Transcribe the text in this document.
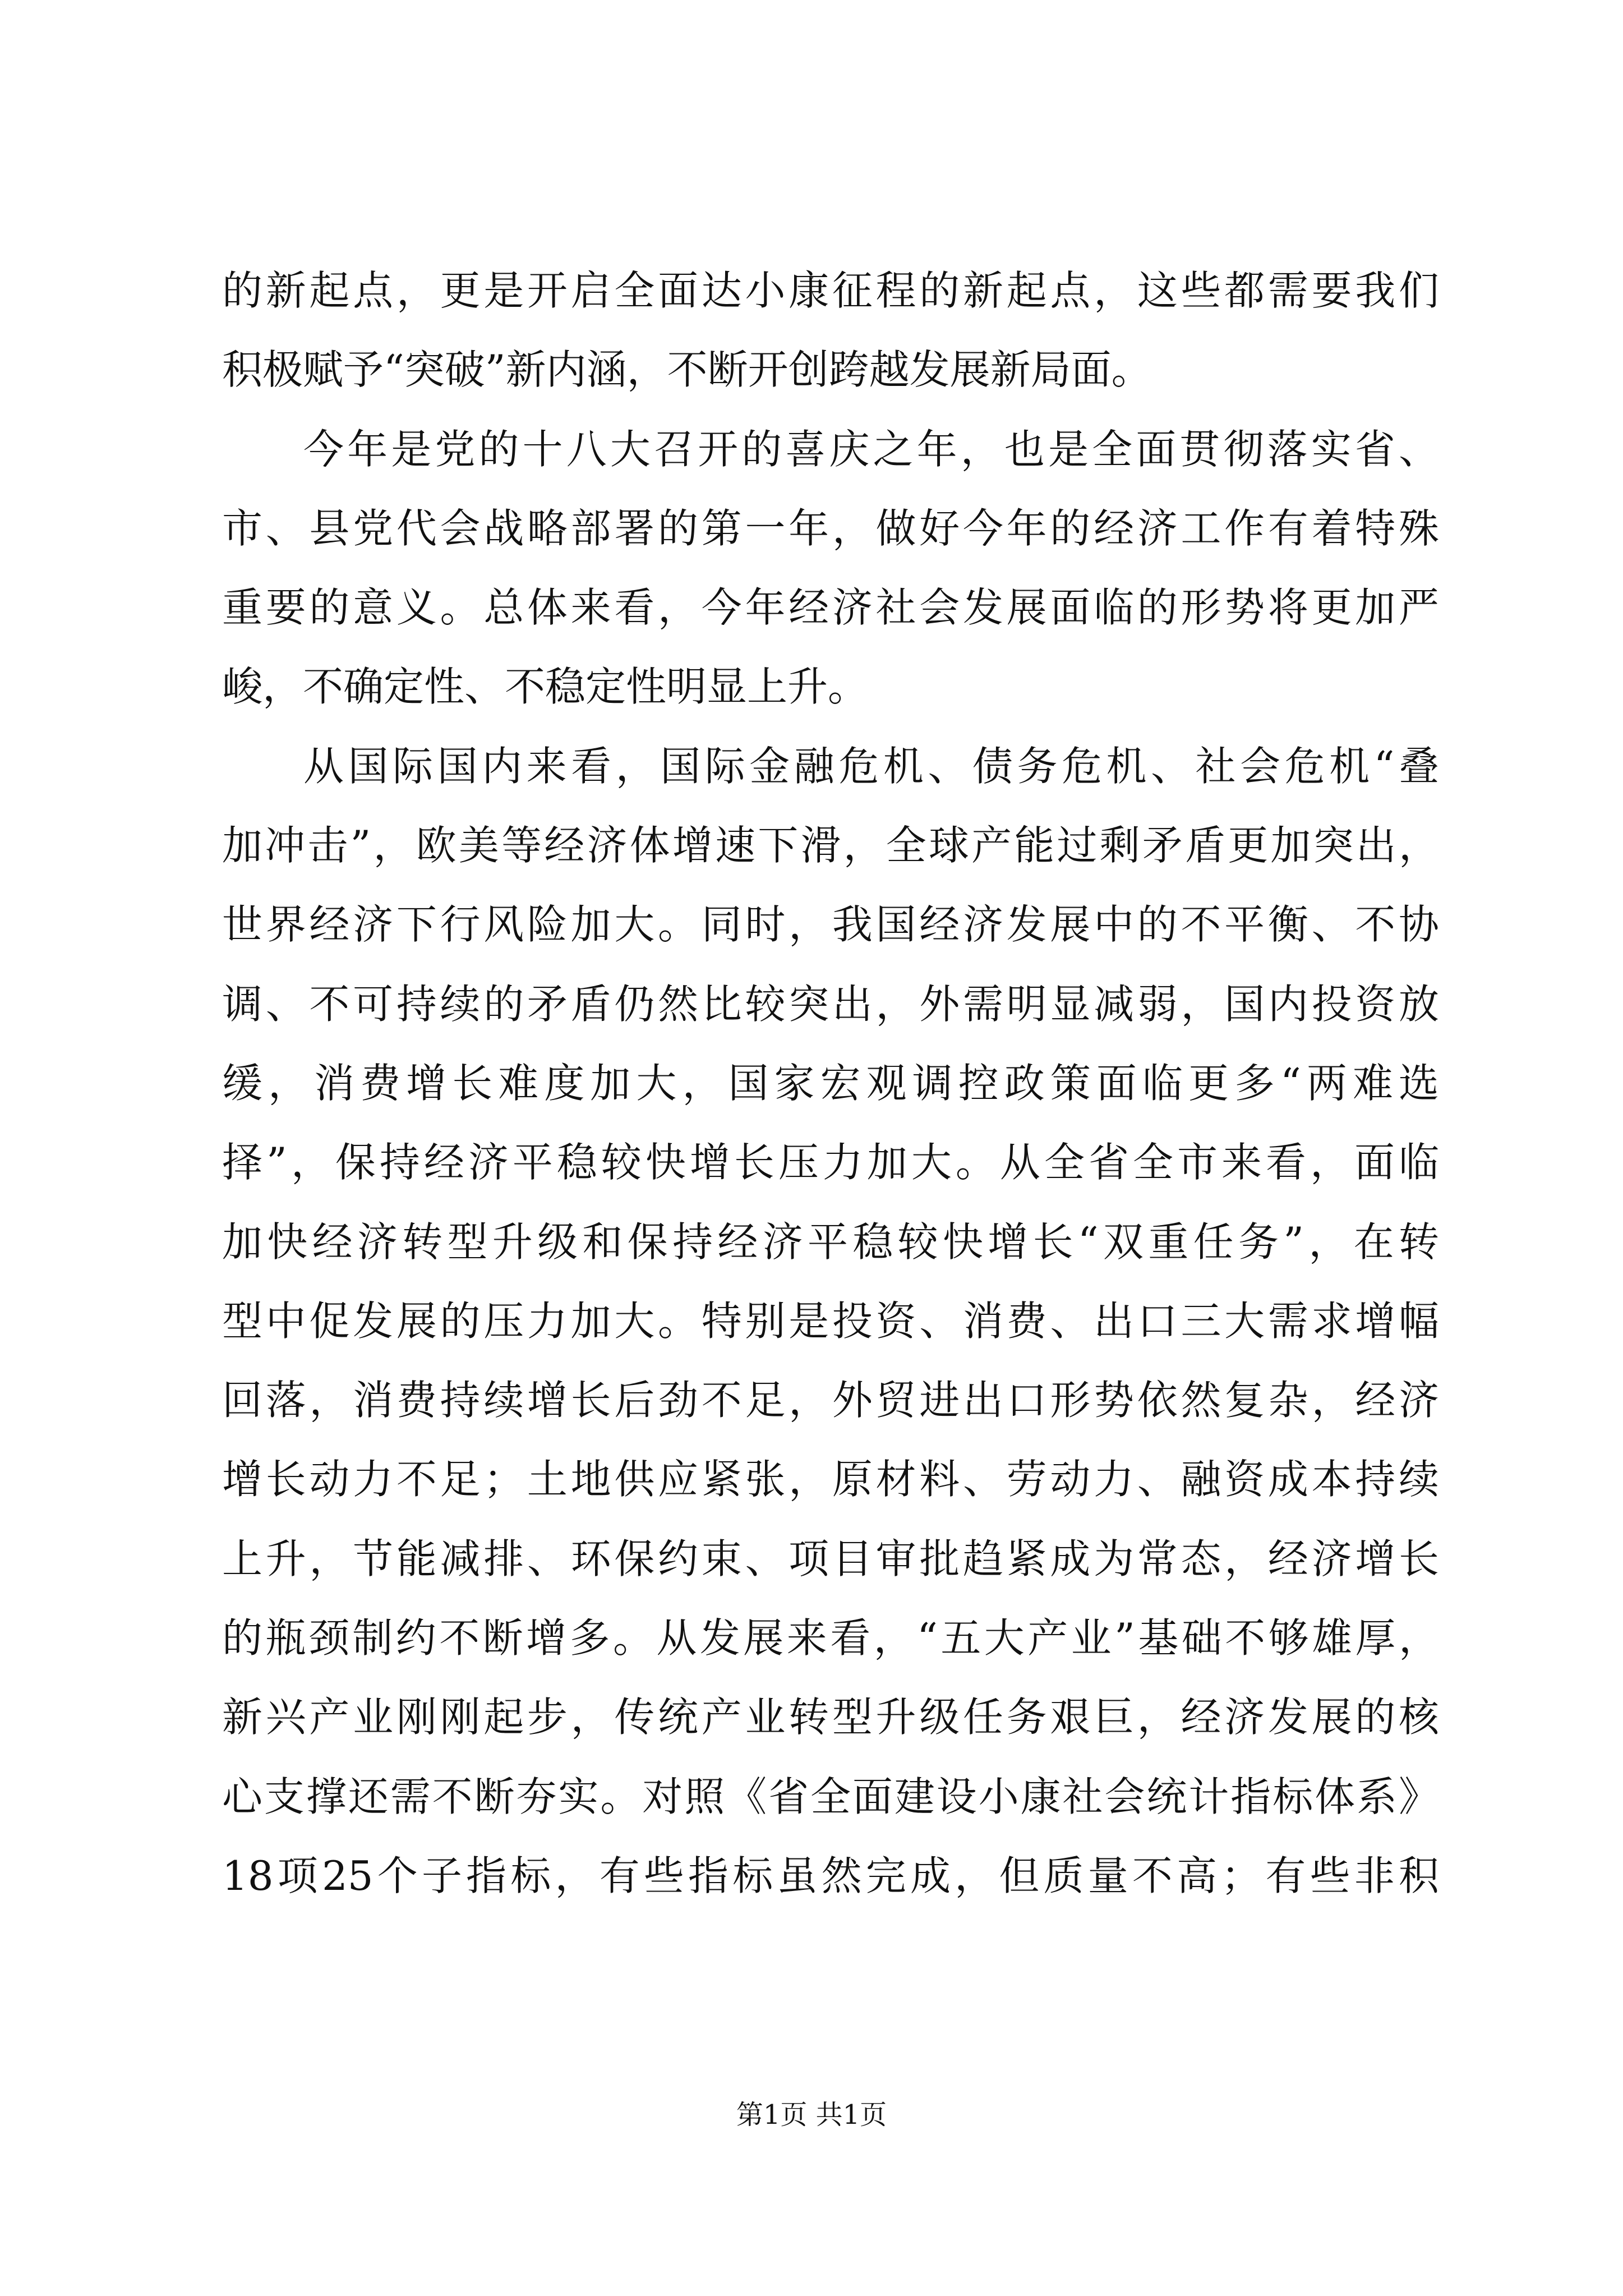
的新起点，更是开启全面达小康征程的新起点，这些都需要我们
积极赋予“突破”新内涵，不断开创跨越发展新局面。
今年是党的十八大召开的喜庆之年，也是全面贯彻落实省、
市、县党代会战略部署的第一年，做好今年的经济工作有着特殊
重要的意义。总体来看，今年经济社会发展面临的形势将更加严
峻，不确定性、不稳定性明显上升。
从国际国内来看，国际金融危机、债务危机、社会危机“叠
加冲击”，欧美等经济体增速下滑，全球产能过剩矛盾更加突出，
世界经济下行风险加大。同时，我国经济发展中的不平衡、不协
调、不可持续的矛盾仍然比较突出，外需明显减弱，国内投资放
缓，消费增长难度加大，国家宏观调控政策面临更多“两难选
择”，保持经济平稳较快增长压力加大。从全省全市来看，面临
加快经济转型升级和保持经济平稳较快增长“双重任务”，在转
型中促发展的压力加大。特别是投资、消费、出口三大需求增幅
回落，消费持续增长后劲不足，外贸进出口形势依然复杂，经济
增长动力不足；土地供应紧张，原材料、劳动力、融资成本持续
上升，节能减排、环保约束、项目审批趋紧成为常态，经济增长
的瓶颈制约不断增多。从发展来看，“五大产业”基础不够雄厚，
新兴产业刚刚起步，传统产业转型升级任务艰巨，经济发展的核
心支撑还需不断夯实。对照《省全面建设小康社会统计指标体系》
18项25个子指标，有些指标虽然完成，但质量不高；有些非积
第1页 共1页
